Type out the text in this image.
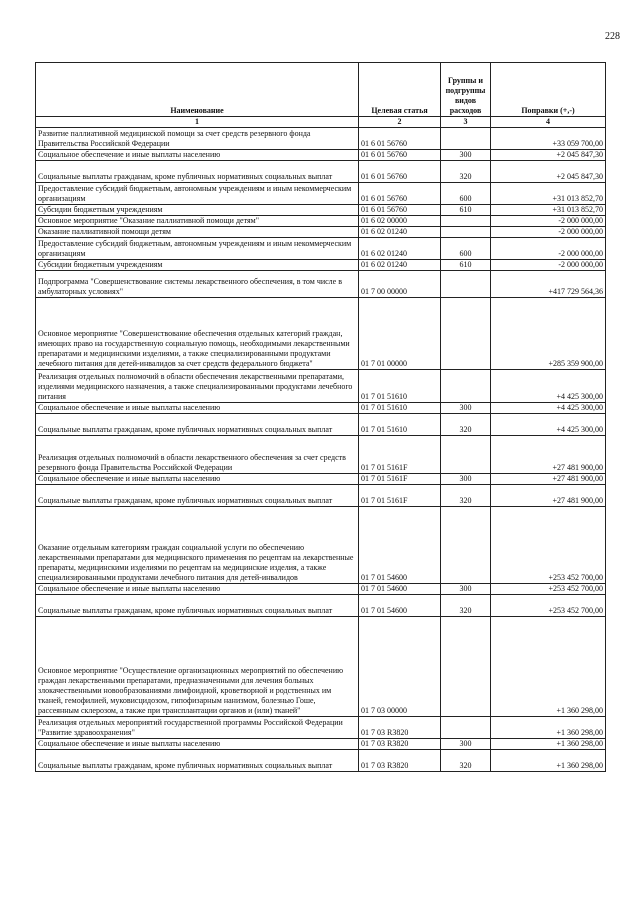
228
Наименование	Целевая статья	Группы и подгруппы видов расходов	Поправки (+,-)
1	2	3	4
Развитие паллиативной медицинской помощи за счет средств резервного фонда Правительства Российской Федерации	01 6 01 56760		+33 059 700,00
Социальное обеспечение и иные выплаты населению	01 6 01 56760	300	+2 045 847,30
Социальные выплаты гражданам, кроме публичных нормативных социальных выплат	01 6 01 56760	320	+2 045 847,30
Предоставление субсидий бюджетным, автономным учреждениям и иным некоммерческим организациям	01 6 01 56760	600	+31 013 852,70
Субсидии бюджетным учреждениям	01 6 01 56760	610	+31 013 852,70
Основное мероприятие "Оказание паллиативной помощи детям"	01 6 02 00000		-2 000 000,00
Оказание паллиативной помощи детям	01 6 02 01240		-2 000 000,00
Предоставление субсидий бюджетным, автономным учреждениям и иным некоммерческим организациям	01 6 02 01240	600	-2 000 000,00
Субсидии бюджетным учреждениям	01 6 02 01240	610	-2 000 000,00
Подпрограмма "Совершенствование системы лекарственного обеспечения, в том числе в амбулаторных условиях"	01 7 00 00000		+417 729 564,36
Основное мероприятие "Совершенствование обеспечения отдельных категорий граждан, имеющих право на государственную социальную помощь, необходимыми лекарственными препаратами и медицинскими изделиями, а также специализированными продуктами лечебного питания для детей-инвалидов за счет средств федерального бюджета"	01 7 01 00000		+285 359 900,00
Реализация отдельных полномочий в области обеспечения лекарственными препаратами, изделиями медицинского назначения, а также специализированными продуктами лечебного питания	01 7 01 51610		+4 425 300,00
Социальное обеспечение и иные выплаты населению	01 7 01 51610	300	+4 425 300,00
Социальные выплаты гражданам, кроме публичных нормативных социальных выплат	01 7 01 51610	320	+4 425 300,00
Реализация отдельных полномочий в области лекарственного обеспечения за счет средств резервного фонда Правительства Российской Федерации	01 7 01 5161F		+27 481 900,00
Социальное обеспечение и иные выплаты населению	01 7 01 5161F	300	+27 481 900,00
Социальные выплаты гражданам, кроме публичных нормативных социальных выплат	01 7 01 5161F	320	+27 481 900,00
Оказание отдельным категориям граждан социальной услуги по обеспечению лекарственными препаратами для медицинского применения по рецептам на лекарственные препараты, медицинскими изделиями по рецептам на медицинские изделия, а также специализированными продуктами лечебного питания для детей-инвалидов	01 7 01 54600		+253 452 700,00
Социальное обеспечение и иные выплаты населению	01 7 01 54600	300	+253 452 700,00
Социальные выплаты гражданам, кроме публичных нормативных социальных выплат	01 7 01 54600	320	+253 452 700,00
Основное мероприятие "Осуществление организационных мероприятий по обеспечению граждан лекарственными препаратами, предназначенными для лечения больных злокачественными новообразованиями лимфоидной, кроветворной и родственных им тканей, гемофилией, муковисцидозом, гипофизарным нанизмом, болезнью Гоше, рассеянным склерозом, а также при трансплантации органов и (или) тканей"	01 7 03 00000		+1 360 298,00
Реализация отдельных мероприятий государственной программы Российской Федерации "Развитие здравоохранения"	01 7 03 R3820		+1 360 298,00
Социальное обеспечение и иные выплаты населению	01 7 03 R3820	300	+1 360 298,00
Социальные выплаты гражданам, кроме публичных нормативных социальных выплат	01 7 03 R3820	320	+1 360 298,00
